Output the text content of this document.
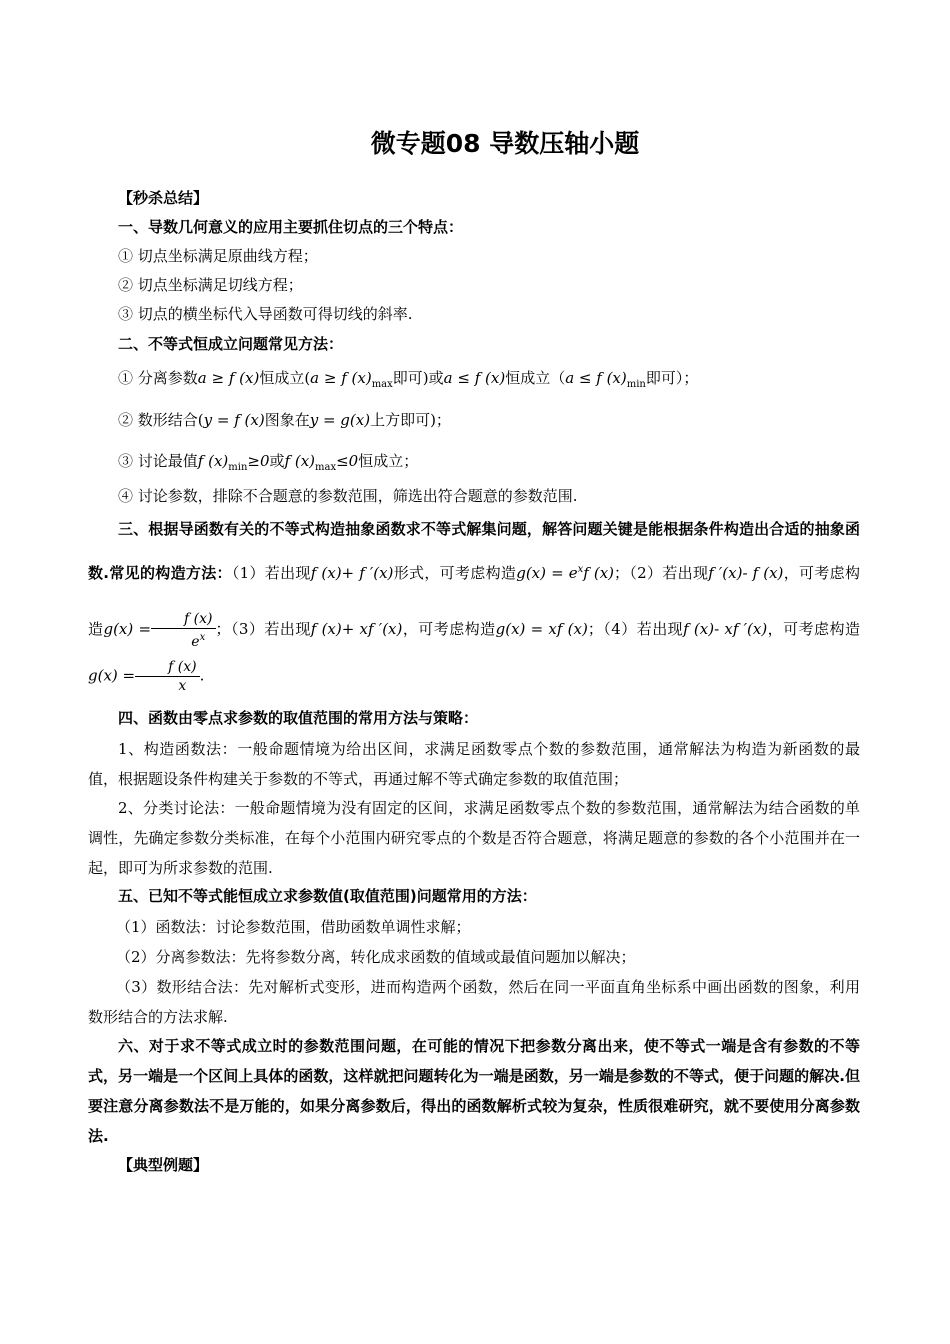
微专题08 导数压轴小题
【秒杀总结】
一、导数几何意义的应用主要抓住切点的三个特点：
① 切点坐标满足原曲线方程；
② 切点坐标满足切线方程；
③ 切点的横坐标代入导函数可得切线的斜率.
二、不等式恒成立问题常见方法：
① 分离参数a ≥ f (x)恒成立(a ≥ f $(x)_{max}$即可)或a ≤ f (x)恒成立（a ≤ f $(x)_{min}$即可）；
② 数形结合(y = f (x)图象在y = g(x)上方即可)；
③ 讨论最值f $(x)_{min}\ge 0$或f $(x)_{max}\le 0$恒成立；
④ 讨论参数，排除不合题意的参数范围，筛选出符合题意的参数范围.
三、根据导函数有关的不等式构造抽象函数求不等式解集问题，解答问题关键是能根据条件构造出合适的抽象函数.常见的构造方法：（1）若出现f (x)+ f ′(x)形式，可考虑构造$g(x) = e^xf$ (x)；（2）若出现f ′(x)- f (x)，可考虑构造$g(x) = \frac{f (x)}{e^x}$ ；（3）若出现f (x)+ xf ′(x)，可考虑构造g(x) = xf (x)；（4）若出现f (x)- xf ′(x)，可考虑构造$g(x) = \frac{f (x)}{x}$ .
四、函数由零点求参数的取值范围的常用方法与策略：
1、构造函数法：一般命题情境为给出区间，求满足函数零点个数的参数范围，通常解法为构造为新函数的最值，根据题设条件构建关于参数的不等式，再通过解不等式确定参数的取值范围；
2、分类讨论法：一般命题情境为没有固定的区间，求满足函数零点个数的参数范围，通常解法为结合函数的单调性，先确定参数分类标准，在每个小范围内研究零点的个数是否符合题意，将满足题意的参数的各个小范围并在一起，即可为所求参数的范围.
五、已知不等式能恒成立求参数值(取值范围)问题常用的方法：
（1）函数法：讨论参数范围，借助函数单调性求解；
（2）分离参数法：先将参数分离，转化成求函数的值域或最值问题加以解决；
（3）数形结合法：先对解析式变形，进而构造两个函数，然后在同一平面直角坐标系中画出函数的图象，利用数形结合的方法求解.
六、对于求不等式成立时的参数范围问题，在可能的情况下把参数分离出来，使不等式一端是含有参数的不等式，另一端是一个区间上具体的函数，这样就把问题转化为一端是函数，另一端是参数的不等式，便于问题的解决.但要注意分离参数法不是万能的，如果分离参数后，得出的函数解析式较为复杂，性质很难研究，就不要使用分离参数法.
【典型例题】
